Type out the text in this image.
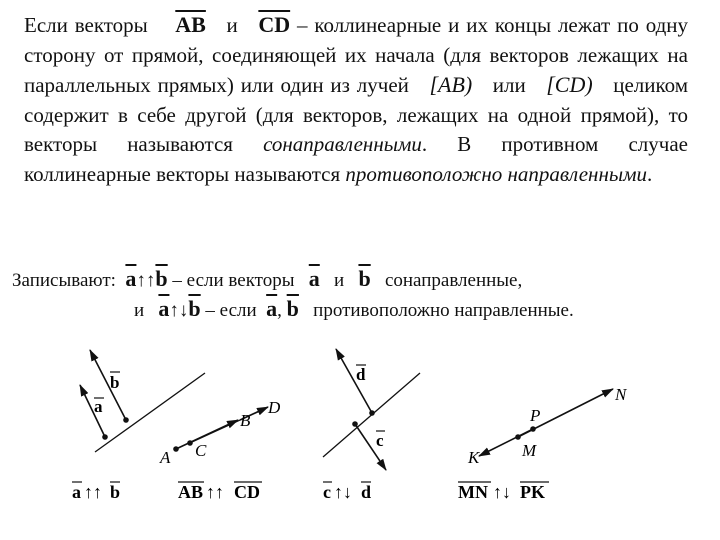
Если векторы $\overline{AB}$ и $\overline{CD}$ – коллинеарные и их концы лежат по одну сторону от прямой, соединяющей их начала (для векторов лежащих на параллельных прямых) или один из лучей [AB) или [CD) целиком содержит в себе другой (для векторов, лежащих на одной прямой), то векторы называются сонаправленными. В противном случае коллинеарные векторы называются противоположно направленными.
Записывают: $\overline{a}↑↑\overline{b}$ – если векторы $\overline{a}$ и $\overline{b}$ сонаправленные,
и $\overline{a}↑↓\overline{b}$ – если $\overline{a}$, $\overline{b}$ противоположно направленные.
a
b
a ↑↑ b
A C
B
D
AB ↑↑ CD
d
c
c ↑↓ d
P
N
K	M
MN ↑↓ PK
